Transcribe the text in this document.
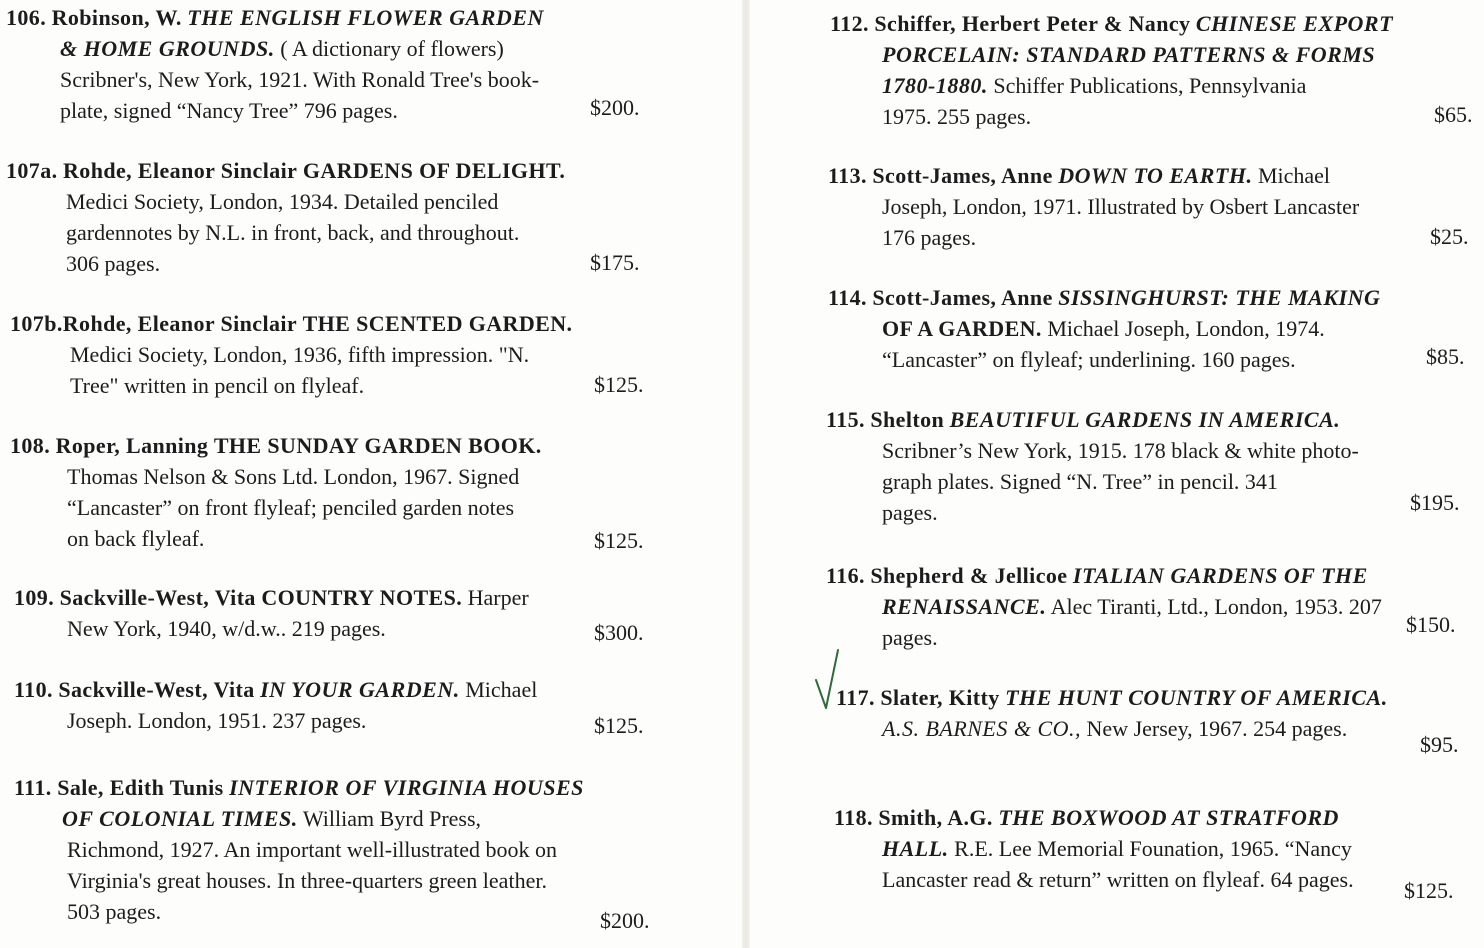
106. Robinson, W. THE ENGLISH FLOWER GARDEN
& HOME GROUNDS. ( A dictionary of flowers)
Scribner's, New York, 1921. With Ronald Tree's book-
plate, signed “Nancy Tree” 796 pages.	$200.
107a. Rohde, Eleanor Sinclair GARDENS OF DELIGHT.
Medici Society, London, 1934. Detailed penciled
gardennotes by N.L. in front, back, and throughout.
306 pages.	$175.
107b.Rohde, Eleanor Sinclair THE SCENTED GARDEN.
Medici Society, London, 1936, fifth impression. "N.
Tree" written in pencil on flyleaf.	$125.
108. Roper, Lanning THE SUNDAY GARDEN BOOK.
Thomas Nelson & Sons Ltd. London, 1967. Signed
“Lancaster” on front flyleaf; penciled garden notes
on back flyleaf.	$125.
109. Sackville-West, Vita COUNTRY NOTES. Harper
New York, 1940, w/d.w.. 219 pages.	$300.
110. Sackville-West, Vita IN YOUR GARDEN. Michael
Joseph. London, 1951. 237 pages.	$125.
111. Sale, Edith Tunis INTERIOR OF VIRGINIA HOUSES
OF COLONIAL TIMES. William Byrd Press,
Richmond, 1927. An important well-illustrated book on
Virginia's great houses. In three-quarters green leather.
503 pages.	$200.
112. Schiffer, Herbert Peter & Nancy CHINESE EXPORT
PORCELAIN: STANDARD PATTERNS & FORMS
1780-1880. Schiffer Publications, Pennsylvania
1975. 255 pages.	$65.
113. Scott-James, Anne DOWN TO EARTH. Michael
Joseph, London, 1971. Illustrated by Osbert Lancaster
176 pages.	$25.
114. Scott-James, Anne SISSINGHURST: THE MAKING
OF A GARDEN. Michael Joseph, London, 1974.
“Lancaster” on flyleaf; underlining. 160 pages.	$85.
115. Shelton BEAUTIFUL GARDENS IN AMERICA.
Scribner’s New York, 1915. 178 black & white photo-
graph plates. Signed “N. Tree” in pencil. 341
pages.	$195.
116. Shepherd & Jellicoe ITALIAN GARDENS OF THE
RENAISSANCE. Alec Tiranti, Ltd., London, 1953. 207
pages.
$150.
117. Slater, Kitty THE HUNT COUNTRY OF AMERICA.
A.S. BARNES & CO., New Jersey, 1967. 254 pages.
$95.
118. Smith, A.G. THE BOXWOOD AT STRATFORD
HALL. R.E. Lee Memorial Founation, 1965. “Nancy
Lancaster read & return” written on flyleaf. 64 pages. $125.
